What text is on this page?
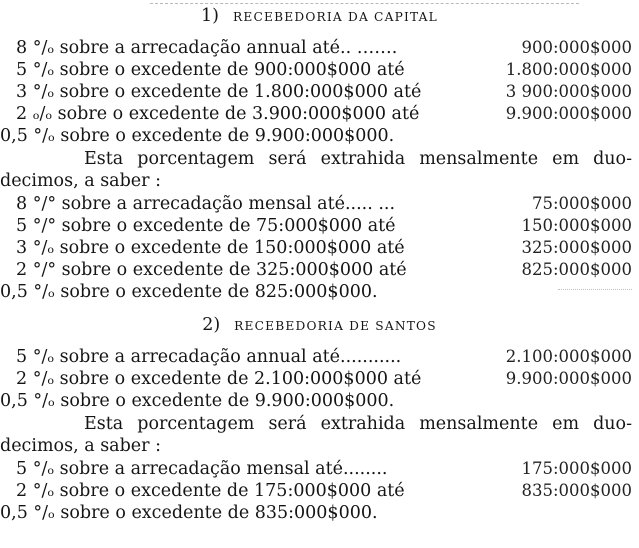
1) RECEBEDORIA DA CAPITAL
8 °/ₒ sobre a arrecadação annual até.. …….	900:000$000
5 °/ₒ sobre o excedente de 900:000$000 até	1.800:000$000
3 °/ₒ sobre o excedente de 1.800:000$000 até	3 900:000$000
2 ₒ/ₒ sobre o excedente de 3.900:000$000 até	9.900:000$000
0,5 °/ₒ sobre o excedente de 9.900:000$000.
Esta porcentagem será extrahida mensalmente em duo-
decimos, a saber :
8 °/° sobre a arrecadação mensal até..... ...	75:000$000
5 °/° sobre o excedente de 75:000$000 até	150:000$000
3 °/ₒ sobre o excedente de 150:000$000 até	325:000$000
2 °/° sobre o excedente de 325:000$000 até	825:000$000
0,5 °/ₒ sobre o excedente de 825:000$000.
2) RECEBEDORIA DE SANTOS
5 °/ₒ sobre a arrecadação annual até...........	2.100:000$000
2 °/ₒ sobre o excedente de 2.100:000$000 até	9.900:000$000
0,5 °/ₒ sobre o excedente de 9.900:000$000.
Esta porcentagem será extrahida mensalmente em duo-
decimos, a saber :
5 °/ₒ sobre a arrecadação mensal até........	175:000$000
2 °/ₒ sobre o excedente de 175:000$000 até	835:000$000
0,5 °/ₒ sobre o excedente de 835:000$000.
